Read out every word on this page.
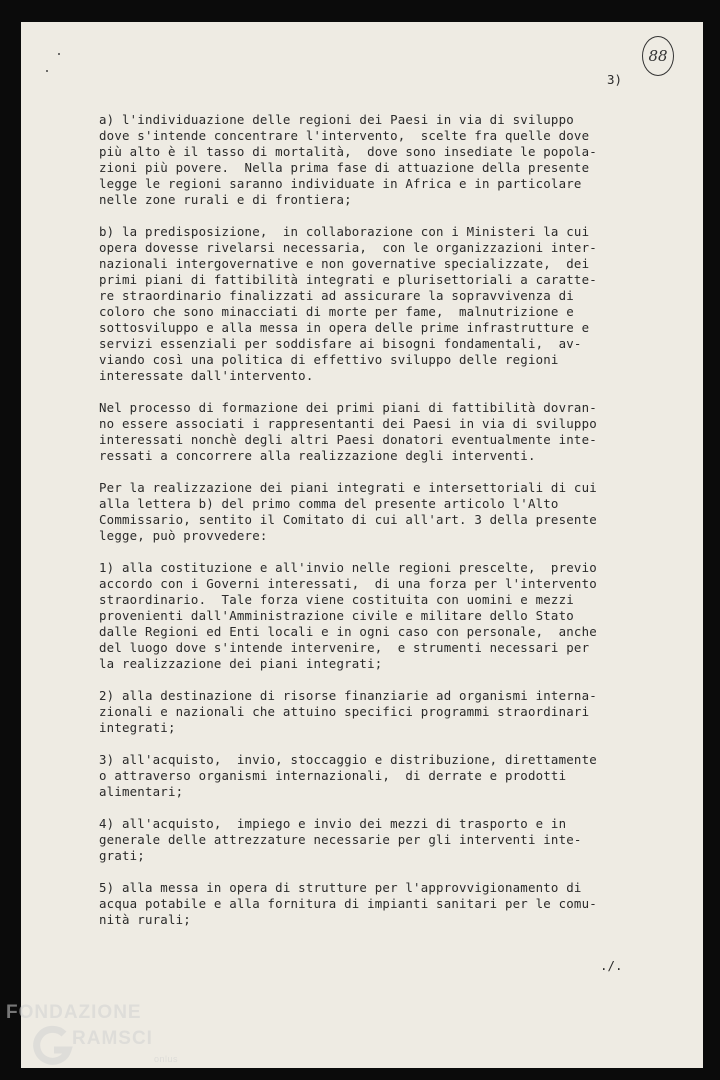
88
3)

a) l'individuazione delle regioni dei Paesi in via di sviluppo
dove s'intende concentrare l'intervento,  scelte fra quelle dove
più alto è il tasso di mortalità,  dove sono insediate le popola-
zioni più povere.  Nella prima fase di attuazione della presente
legge le regioni saranno individuate in Africa e in particolare
nelle zone rurali e di frontiera;

b) la predisposizione,  in collaborazione con i Ministeri la cui
opera dovesse rivelarsi necessaria,  con le organizzazioni inter-
nazionali intergovernative e non governative specializzate,  dei
primi piani di fattibilità integrati e plurisettoriali a caratte-
re straordinario finalizzati ad assicurare la sopravvivenza di
coloro che sono minacciati di morte per fame,  malnutrizione e
sottosviluppo e alla messa in opera delle prime infrastrutture e
servizi essenziali per soddisfare ai bisogni fondamentali,  av-
viando così una politica di effettivo sviluppo delle regioni
interessate dall'intervento.

Nel processo di formazione dei primi piani di fattibilità dovran-
no essere associati i rappresentanti dei Paesi in via di sviluppo
interessati nonchè degli altri Paesi donatori eventualmente inte-
ressati a concorrere alla realizzazione degli interventi.

Per la realizzazione dei piani integrati e intersettoriali di cui
alla lettera b) del primo comma del presente articolo l'Alto
Commissario, sentito il Comitato di cui all'art. 3 della presente
legge, può provvedere:

1) alla costituzione e all'invio nelle regioni prescelte,  previo
accordo con i Governi interessati,  di una forza per l'intervento
straordinario.  Tale forza viene costituita con uomini e mezzi
provenienti dall'Amministrazione civile e militare dello Stato
dalle Regioni ed Enti locali e in ogni caso con personale,  anche
del luogo dove s'intende intervenire,  e strumenti necessari per
la realizzazione dei piani integrati;

2) alla destinazione di risorse finanziarie ad organismi interna-
zionali e nazionali che attuino specifici programmi straordinari
integrati;

3) all'acquisto,  invio, stoccaggio e distribuzione, direttamente
o attraverso organismi internazionali,  di derrate e prodotti
alimentari;

4) all'acquisto,  impiego e invio dei mezzi di trasporto e in
generale delle attrezzature necessarie per gli interventi inte-
grati;

5) alla messa in opera di strutture per l'approvvigionamento di
acqua potabile e alla fornitura di impianti sanitari per le comu-
nità rurali;

./.
FONDAZIONE
RAMSCI
onlus
